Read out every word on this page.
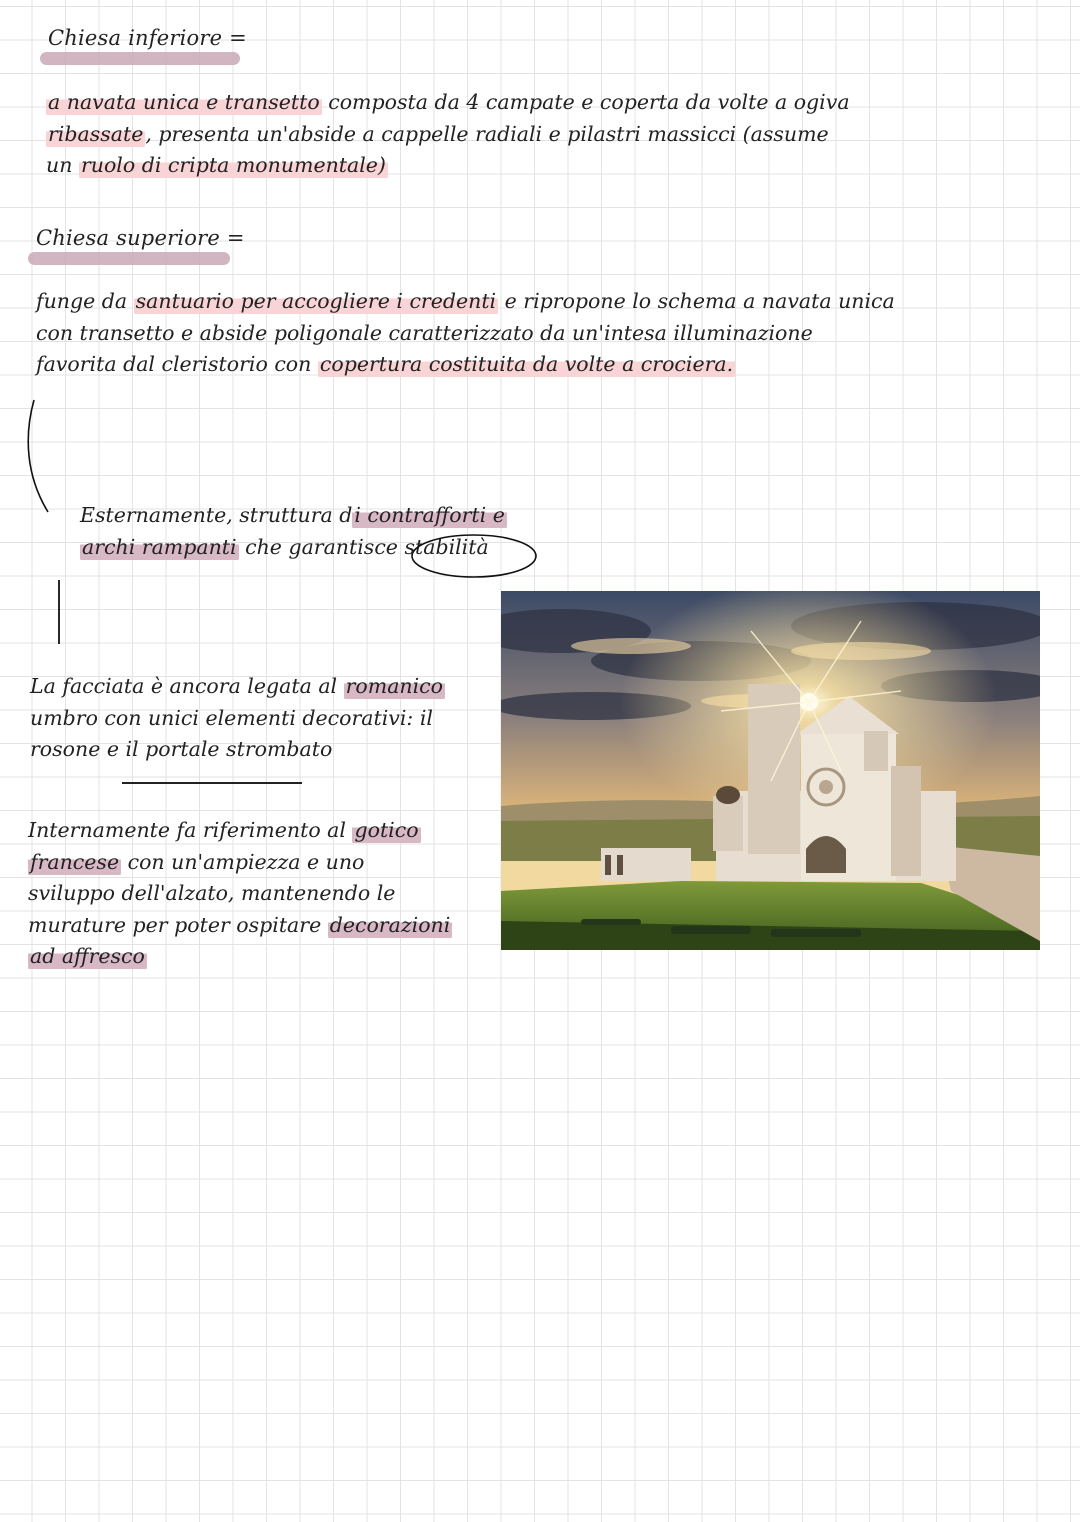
Chiesa inferiore =

a navata unica e transetto composta da 4 campate e coperta da volte a ogiva

ribassate, presenta un'abside a cappelle radiali e pilastri massicci (assume

un ruolo di cripta monumentale)

Chiesa superiore =

funge da santuario per accogliere i credenti e ripropone lo schema a navata unica

con transetto e abside poligonale caratterizzato da un'intesa illuminazione

favorita dal cleristorio con copertura costituita da volte a crociera.

Esternamente, struttura di contrafforti e

archi rampanti che garantisce stabilità

La facciata è ancora legata al romanico

umbro con unici elementi decorativi: il

rosone e il portale strombato

Internamente fa riferimento al gotico

francese con un'ampiezza e uno

sviluppo dell'alzato, mantenendo le

murature per poter ospitare decorazioni

ad affresco
